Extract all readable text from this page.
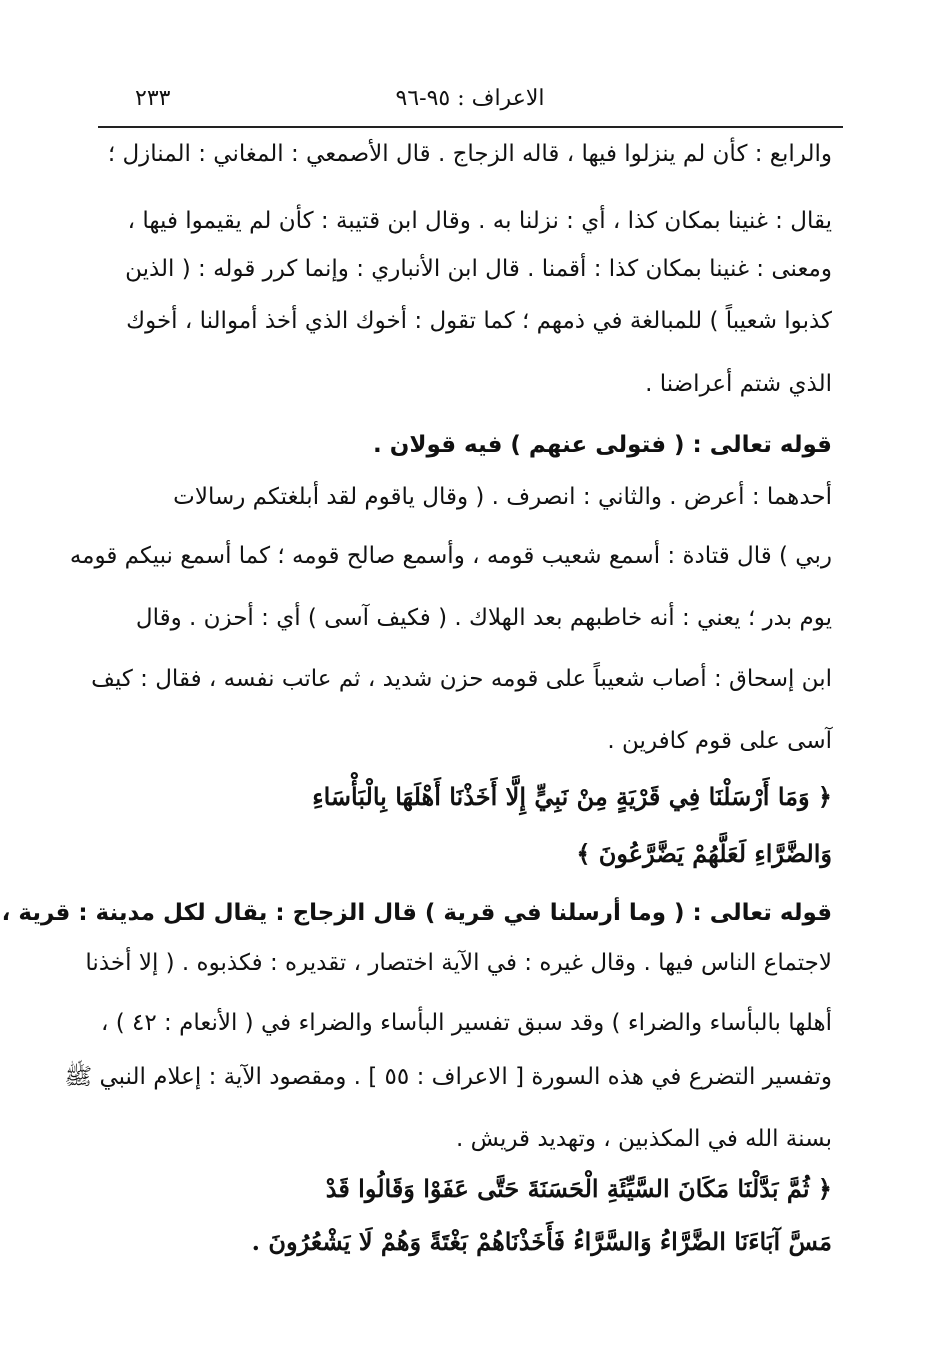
٢٣٣	الاعراف : ٩٥-٩٦
والرابع : كأن لم ينزلوا فيها ، قاله الزجاج . قال الأصمعي : المغاني : المنازل ؛
يقال : غنينا بمكان كذا ، أي : نزلنا به . وقال ابن قتيبة : كأن لم يقيموا فيها ،
ومعنى : غنينا بمكان كذا : أقمنا . قال ابن الأنباري : وإنما كرر قوله : ( الذين
كذبوا شعيباً ) للمبالغة في ذمهم ؛ كما تقول : أخوك الذي أخذ أموالنا ، أخوك
الذي شتم أعراضنا .
قوله تعالى : ( فتولى عنهم ) فيه قولان .
أحدهما : أعرض . والثاني : انصرف . ( وقال ياقوم لقد أبلغتكم رسالات
ربي ) قال قتادة : أسمع شعيب قومه ، وأسمع صالح قومه ؛ كما أسمع نبيكم قومه
يوم بدر ؛ يعني : أنه خاطبهم بعد الهلاك . ( فكيف آسى ) أي : أحزن . وقال
ابن إسحاق : أصاب شعيباً على قومه حزن شديد ، ثم عاتب نفسه ، فقال : كيف
آسى على قوم كافرين .
﴿ وَمَا أَرْسَلْنَا فِي قَرْيَةٍ مِنْ نَبِيٍّ إِلَّا أَخَذْنَا أَهْلَهَا بِالْبَأْسَاءِ
وَالضَّرَّاءِ لَعَلَّهُمْ يَضَّرَّعُونَ ﴾
قوله تعالى : ( وما أرسلنا في قرية ) قال الزجاج : يقال لكل مدينة : قرية ،
لاجتماع الناس فيها . وقال غيره : في الآية اختصار ، تقديره : فكذبوه . ( إلا أخذنا
أهلها بالبأساء والضراء ) وقد سبق تفسير البأساء والضراء في ( الأنعام : ٤٢ ) ،
وتفسير التضرع في هذه السورة [ الاعراف : ٥٥ ] . ومقصود الآية : إعلام النبي ﷺ
بسنة الله في المكذبين ، وتهديد قريش .
﴿ ثُمَّ بَدَّلْنَا مَكَانَ السَّيِّئَةِ الْحَسَنَةَ حَتَّى عَفَوْا وَقَالُوا قَدْ
مَسَّ آبَاءَنَا الضَّرَّاءُ وَالسَّرَّاءُ فَأَخَذْنَاهُمْ بَغْتَةً وَهُمْ لَا يَشْعُرُونَ .
